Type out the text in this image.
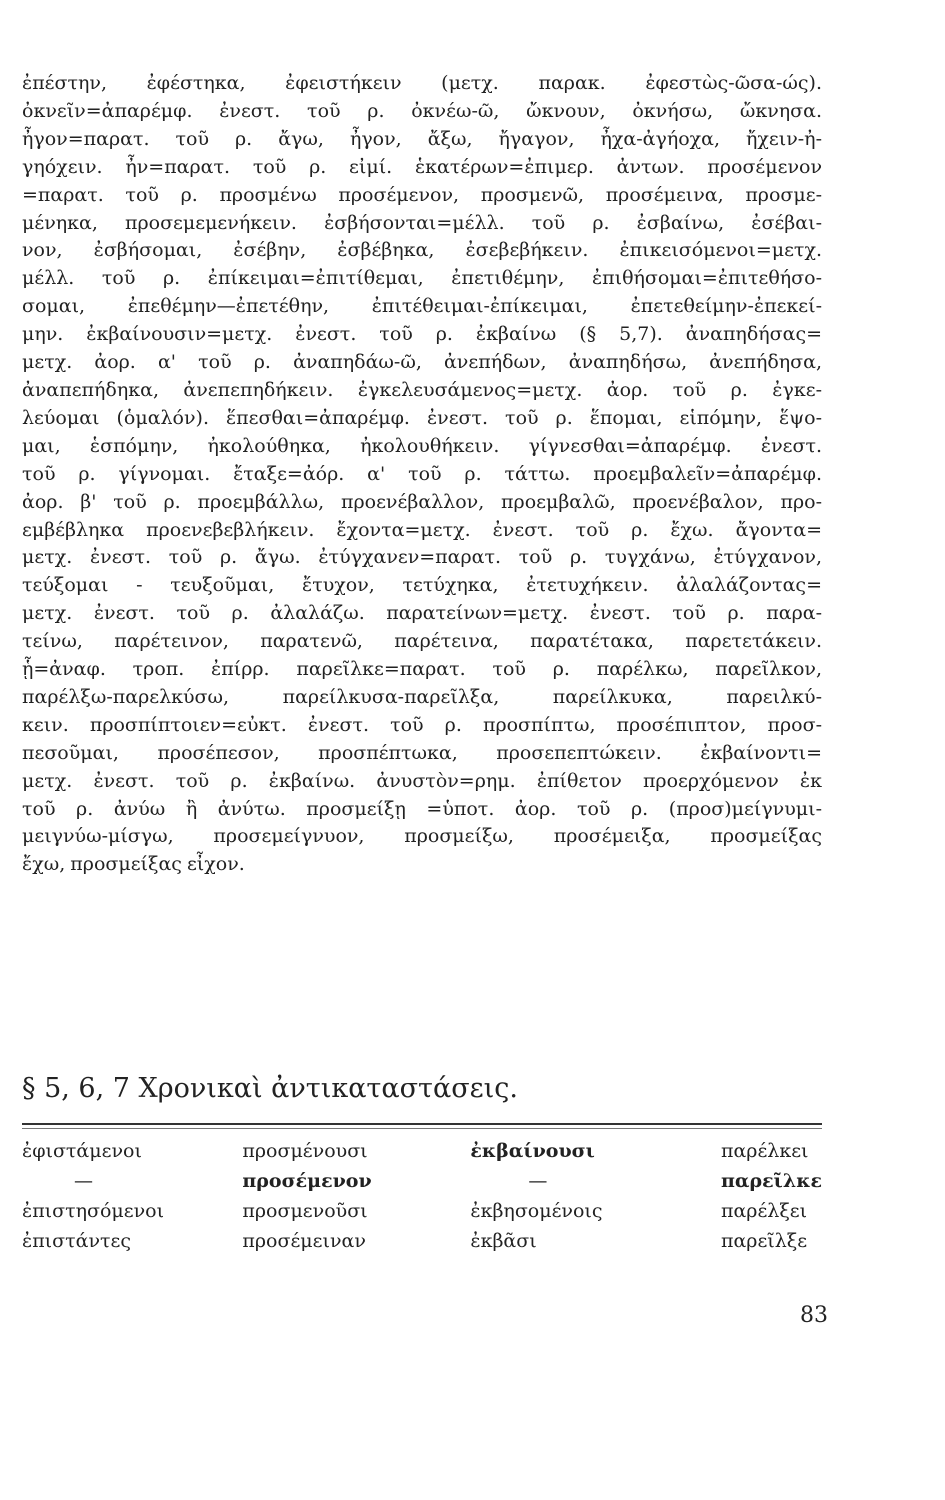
ἐπέστην, ἐφέστηκα, ἐφειστήκειν (μετχ. παρακ. ἐφεστὼς-ῶσα-ώς).
ὀκνεῖν=ἀπαρέμφ. ἐνεστ. τοῦ ρ. ὀκνέω-ῶ, ὤκνουν, ὀκνήσω, ὤκνησα.
ἦγον=παρατ. τοῦ ρ. ἄγω, ἦγον, ἄξω, ἤγαγον, ἦχα-ἀγήοχα, ἤχειν-ἠ-
γηόχειν. ἦν=παρατ. τοῦ ρ. εἰμί. ἑκατέρων=ἐπιμερ. ἀντων. προσέμενον
=παρατ. τοῦ ρ. προσμένω προσέμενον, προσμενῶ, προσέμεινα, προσμε-
μένηκα, προσεμεμενήκειν. ἐσβήσονται=μέλλ. τοῦ ρ. ἐσβαίνω, ἐσέβαι-
νον, ἐσβήσομαι, ἐσέβην, ἐσβέβηκα, ἐσεβεβήκειν. ἐπικεισόμενοι=μετχ.
μέλλ. τοῦ ρ. ἐπίκειμαι=ἐπιτίθεμαι, ἐπετιθέμην, ἐπιθήσομαι=ἐπιτεθήσο-
σομαι, ἐπεθέμην—ἐπετέθην, ἐπιτέθειμαι-ἐπίκειμαι, ἐπετεθείμην-ἐπεκεί-
μην. ἐκβαίνουσιν=μετχ. ἐνεστ. τοῦ ρ. ἐκβαίνω (§ 5,7). ἀναπηδήσας=
μετχ. ἀορ. α' τοῦ ρ. ἀναπηδάω-ῶ, ἀνεπήδων, ἀναπηδήσω, ἀνεπήδησα,
ἀναπεπήδηκα, ἀνεπεπηδήκειν. ἐγκελευσάμενος=μετχ. ἀορ. τοῦ ρ. ἐγκε-
λεύομαι (ὁμαλόν). ἕπεσθαι=ἀπαρέμφ. ἐνεστ. τοῦ ρ. ἕπομαι, εἱπόμην, ἕψο-
μαι, ἑσπόμην, ἠκολούθηκα, ἠκολουθήκειν. γίγνεσθαι=ἀπαρέμφ. ἐνεστ.
τοῦ ρ. γίγνομαι. ἔταξε=ἀόρ. α' τοῦ ρ. τάττω. προεμβαλεῖν=ἀπαρέμφ.
ἀορ. β' τοῦ ρ. προεμβάλλω, προενέβαλλον, προεμβαλῶ, προενέβαλον, προ-
εμβέβληκα προενεβεβλήκειν. ἔχοντα=μετχ. ἐνεστ. τοῦ ρ. ἔχω. ἄγοντα=
μετχ. ἐνεστ. τοῦ ρ. ἄγω. ἐτύγχανεν=παρατ. τοῦ ρ. τυγχάνω, ἐτύγχανον,
τεύξομαι - τευξοῦμαι, ἔτυχον, τετύχηκα, ἐτετυχήκειν. ἀλαλάζοντας=
μετχ. ἐνεστ. τοῦ ρ. ἀλαλάζω. παρατείνων=μετχ. ἐνεστ. τοῦ ρ. παρα-
τείνω, παρέτεινον, παρατενῶ, παρέτεινα, παρατέτακα, παρετετάκειν.
ᾗ=ἀναφ. τροπ. ἐπίρρ. παρεῖλκε=παρατ. τοῦ ρ. παρέλκω, παρεῖλκον,
παρέλξω-παρελκύσω, παρείλκυσα-παρεῖλξα, παρείλκυκα, παρειλκύ-
κειν. προσπίπτοιεν=εὐκτ. ἐνεστ. τοῦ ρ. προσπίπτω, προσέπιπτον, προσ-
πεσοῦμαι, προσέπεσον, προσπέπτωκα, προσεπεπτώκειν. ἐκβαίνοντι=
μετχ. ἐνεστ. τοῦ ρ. ἐκβαίνω. ἀνυστὸν=ρημ. ἐπίθετον προερχόμενον ἐκ
τοῦ ρ. ἀνύω ἢ ἀνύτω. προσμείξῃ =ὑποτ. ἀορ. τοῦ ρ. (προσ)μείγνυμι-
μειγνύω-μίσγω, προσεμείγνυον, προσμείξω, προσέμειξα, προσμείξας
ἔχω, προσμείξας εἶχον.
§ 5, 6, 7 Χρονικαὶ ἀντικαταστάσεις.
ἐφιστάμενοι	προσμένουσι	ἐκβαίνουσι	παρέλκει
—	προσέμενον	—	παρεῖλκε
ἐπιστησόμενοι	προσμενοῦσι	ἐκβησομένοις	παρέλξει
ἐπιστάντες	προσέμειναν	ἐκβᾶσι	παρεῖλξε
83
